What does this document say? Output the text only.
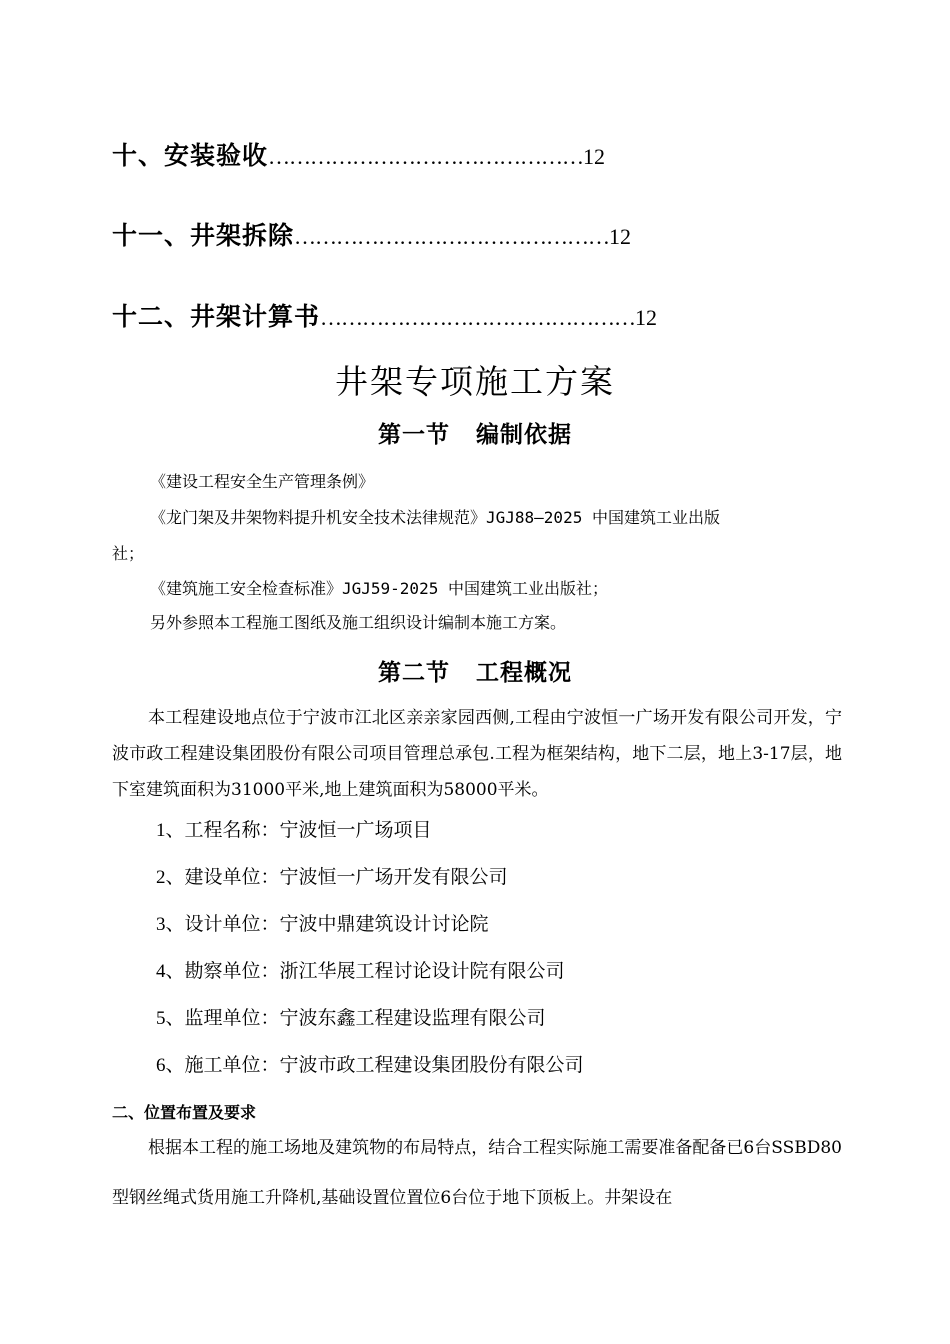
十、安装验收………………………………………12
十一、井架拆除………………………………………12
十二、井架计算书………………………………………12
井架专项施工方案
第一节 编制依据
《建设工程安全生产管理条例》
《龙门架及井架物料提升机安全技术法律规范》JGJ88—2025 中国建筑工业出版
社；
《建筑施工安全检查标准》JGJ59-2025 中国建筑工业出版社；
另外参照本工程施工图纸及施工组织设计编制本施工方案。
第二节 工程概况
本工程建设地点位于宁波市江北区亲亲家园西侧,工程由宁波恒一广场开发有限公司开发，宁波市政工程建设集团股份有限公司项目管理总承包.工程为框架结构，地下二层，地上3-17层，地下室建筑面积为31000平米,地上建筑面积为58000平米。
1、工程名称：宁波恒一广场项目
2、建设单位：宁波恒一广场开发有限公司
3、设计单位：宁波中鼎建筑设计讨论院
4、勘察单位：浙江华展工程讨论设计院有限公司
5、监理单位：宁波东鑫工程建设监理有限公司
6、施工单位：宁波市政工程建设集团股份有限公司
二、位置布置及要求
根据本工程的施工场地及建筑物的布局特点，结合工程实际施工需要准备配备已6台SSBD80型钢丝绳式货用施工升降机,基础设置位置位6台位于地下顶板上。井架设在
